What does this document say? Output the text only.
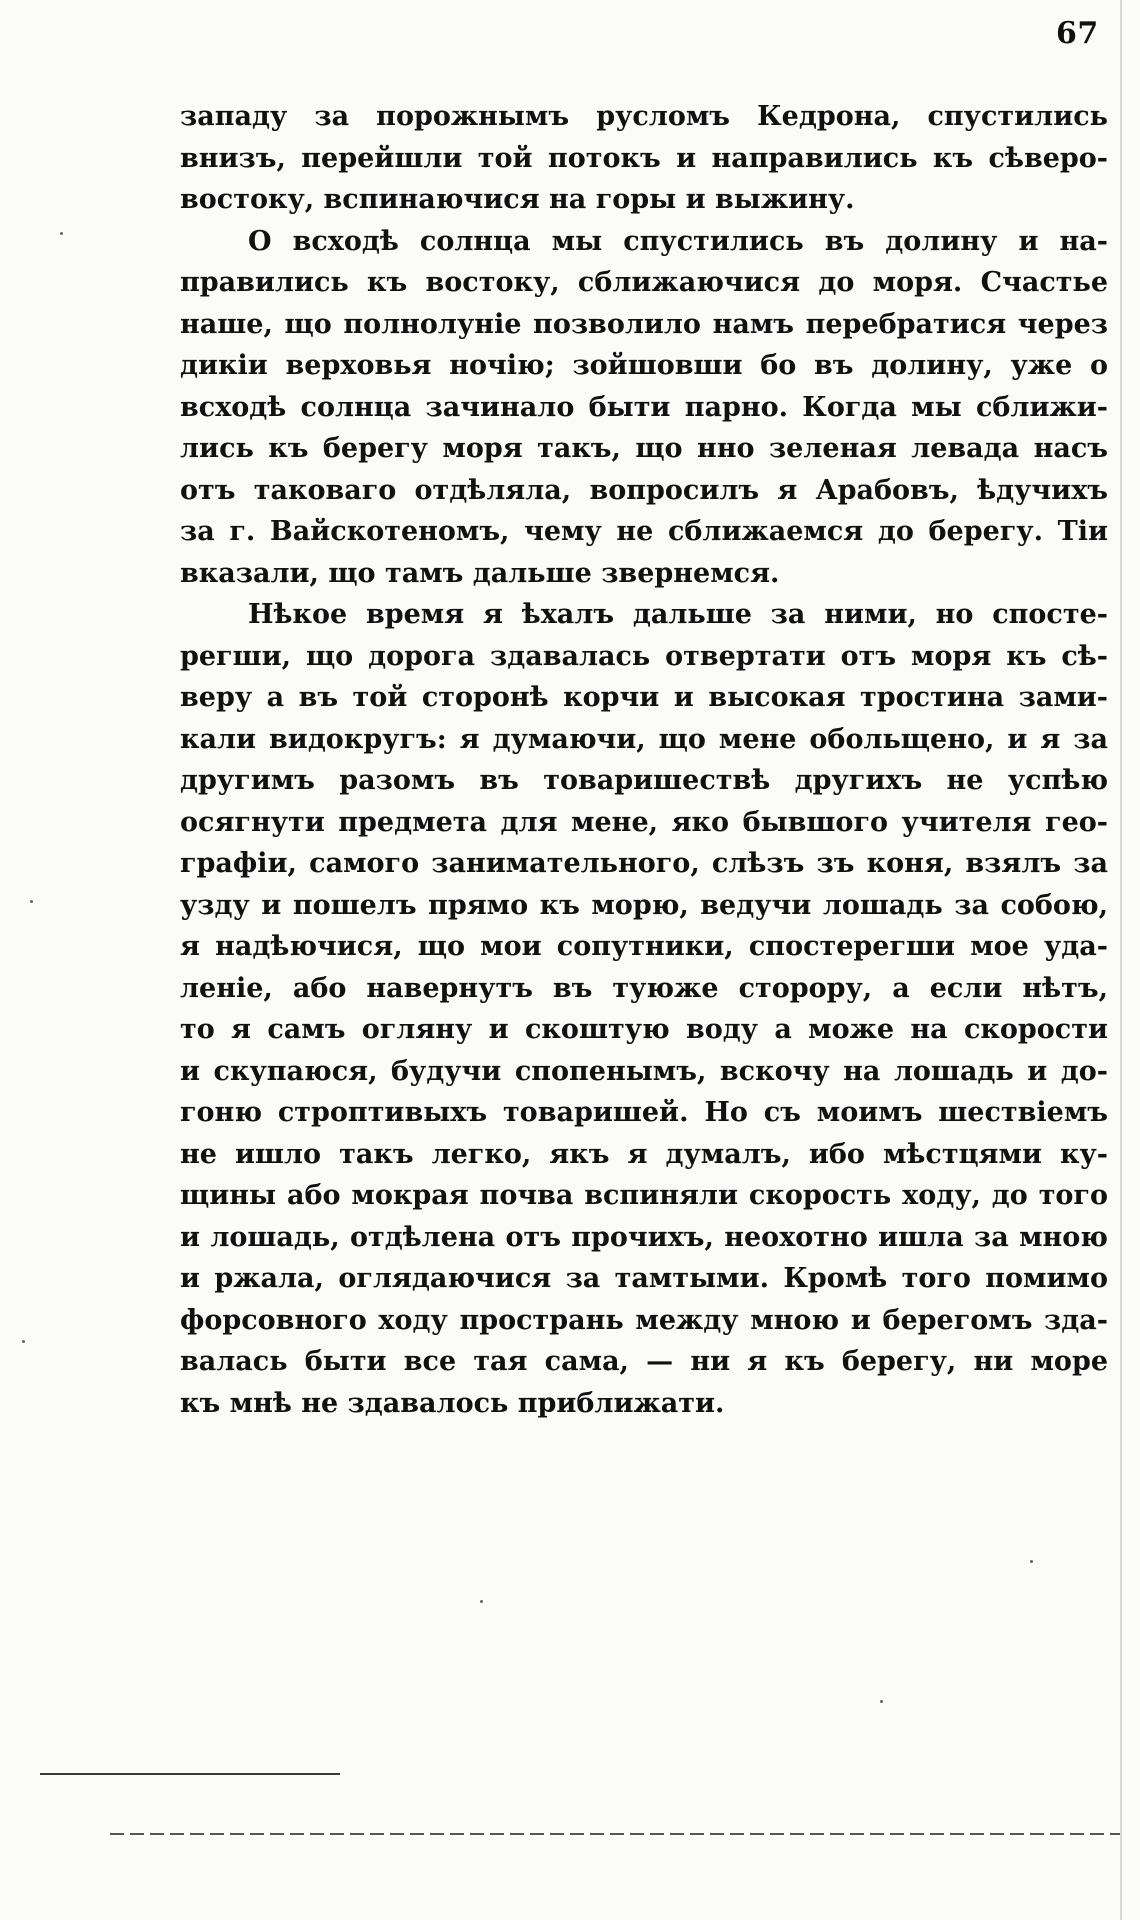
67
западу за порожнымъ русломъ Кедрона, спустились
внизъ, перейшли той потокъ и направились къ сѣверо-
востоку, вспинаючися на горы и выжину.
О всходѣ солнца мы спустились въ долину и на-
правились къ востоку, сближаючися до моря. Счастье
наше, що полнолуніе позволило намъ перебратися через
дикіи верховья ночію; зойшовши бо въ долину, уже о
всходѣ солнца зачинало быти парно. Когда мы сближи-
лись къ берегу моря такъ, що нно зеленая левада насъ
отъ таковаго отдѣляла, вопросилъ я Арабовъ, ѣдучихъ
за г. Вайскотеномъ, чему не сближаемся до берегу. Тіи
вказали, що тамъ дальше звернемся.
Нѣкое время я ѣхалъ дальше за ними, но спосте-
регши, що дорога здавалась отвертати отъ моря къ сѣ-
веру а въ той сторонѣ корчи и высокая тростина зами-
кали видокругъ: я думаючи, що мене обольщено, и я за
другимъ разомъ въ товаришествѣ другихъ не успѣю
осягнути предмета для мене, яко бывшого учителя гео-
графіи, самого занимательного, слѣзъ зъ коня, взялъ за
узду и пошелъ прямо къ морю, ведучи лошадь за собою,
я надѣючися, що мои сопутники, спостерегши мое уда-
леніе, або навернутъ въ туюже сторору, а если нѣтъ,
то я самъ огляну и скоштую воду а може на скорости
и скупаюся, будучи спопенымъ, вскочу на лошадь и до-
гоню строптивыхъ товаришей. Но съ моимъ шествіемъ
не ишло такъ легко, якъ я думалъ, ибо мѣстцями ку-
щины або мокрая почва вспиняли скорость ходу, до того
и лошадь, отдѣлена отъ прочихъ, неохотно ишла за мною
и ржала, оглядаючися за тамтыми. Кромѣ того помимо
форсовного ходу пространь между мною и берегомъ зда-
валась быти все тая сама, — ни я къ берегу, ни море
къ мнѣ не здавалось приближати.
